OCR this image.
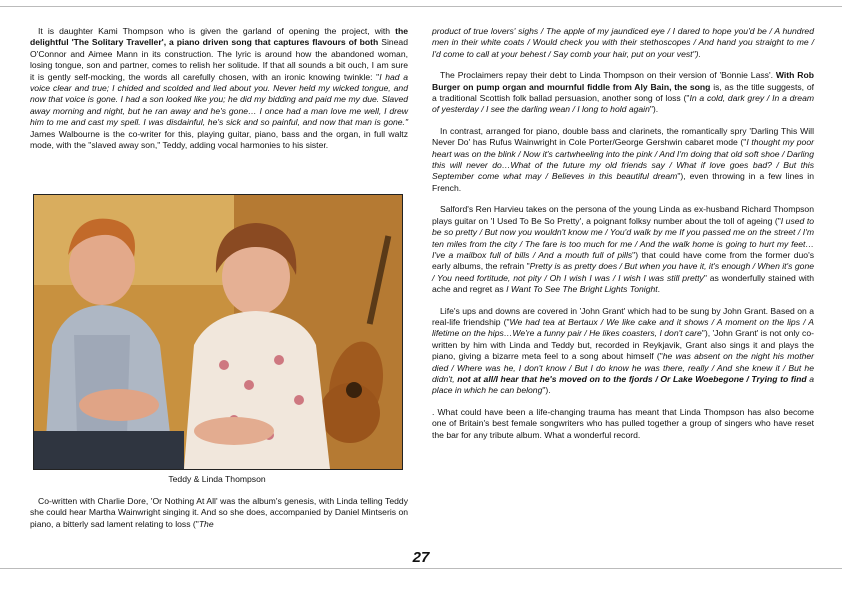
It is daughter Kami Thompson who is given the garland of opening the project, with the delightful 'The Solitary Traveller', a piano driven song that captures flavours of both Sinead O'Connor and Aimee Mann in its construction. The lyric is around how the abandoned woman, losing tongue, son and partner, comes to relish her solitude. If that all sounds a bit ouch, I am sure it is gently self-mocking, the words all carefully chosen, with an ironic knowing twinkle: "I had a voice clear and true; I chided and scolded and lied about you. Never held my wicked tongue, and now that voice is gone. I had a son looked like you; he did my bidding and paid me my due. Slaved away morning and night, but he ran away and he's gone… I once had a man love me well, I drew him to me and cast my spell. I was disdainful, he's sick and so painful, and now that man is gone." James Walbourne is the co-writer for this, playing guitar, piano, bass and the organ, in full waltz mode, with the "slaved away son," Teddy, adding vocal harmonies to his sister.

Teddy & Linda Thompson
Co-written with Charlie Dore, 'Or Nothing At All' was the album's genesis, with Linda telling Teddy she could hear Martha Wainwright singing it. And so she does, accompanied by Daniel Mintseris on piano, a bitterly sad lament relating to loss ("The

product of true lovers' sighs / The apple of my jaundiced eye / I dared to hope you'd be / A hundred men in their white coats / Would check you with their stethoscopes / And hand you straight to me / I'd come to call at your behest / Say comb your hair, put on your vest").

The Proclaimers repay their debt to Linda Thompson on their version of 'Bonnie Lass'. With Rob Burger on pump organ and mournful fiddle from Aly Bain, the song is, as the title suggests, of a traditional Scottish folk ballad persuasion, another song of loss ("In a cold, dark grey / In a dream of yesterday / I see the darling wean / I long to hold again").

In contrast, arranged for piano, double bass and clarinets, the romantically spry 'Darling This Will Never Do' has Rufus Wainwright in Cole Porter/George Gershwin cabaret mode ("I thought my poor heart was on the blink / Now it's cartwheeling into the pink / And I'm doing that old soft shoe / Darling this will never do…What of the future my old friends say / What if love goes bad? / But this September come what may / Believes in this beautiful dream"), even throwing in a few lines in French.

Salford's Ren Harvieu takes on the persona of the young Linda as ex-husband Richard Thompson plays guitar on 'I Used To Be So Pretty', a poignant folksy number about the toll of ageing ("I used to be so pretty / But now you wouldn't know me / You'd walk by me If you passed me on the street / I'm ten miles from the city / The fare is too much for me / And the walk home is going to hurt my feet… I've a mailbox full of bills / And a mouth full of pills") that could have come from the former duo's early albums, the refrain "Pretty is as pretty does / But when you have it, it's enough / When it's gone / You need fortitude, not pity / Oh I wish I was / I wish I was still pretty" as wonderfully stained with ache and regret as I Want To See The Bright Lights Tonight.

Life's ups and downs are covered in 'John Grant' which had to be sung by John Grant. Based on a real-life friendship ("We had tea at Bertaux / We like cake and it shows / A moment on the lips / A lifetime on the hips…We're a funny pair / He likes coasters, I don't care"), 'John Grant' is not only co-written by him with Linda and Teddy but, recorded in Reykjavik, Grant also sings it and plays the piano, giving a bizarre meta feel to a song about himself ("he was absent on the night his mother died / Where was he, I don't know / But I do know he was there, really / And she knew it / But he didn't, not at all/I hear that he's moved on to the fjords / Or Lake Woebegone / Trying to find a place in which he can belong").

. What could have been a life-changing trauma has meant that Linda Thompson has also become one of Britain's best female songwriters who has pulled together a group of singers who have reset the bar for any tribute album. What a wonderful record.

27
